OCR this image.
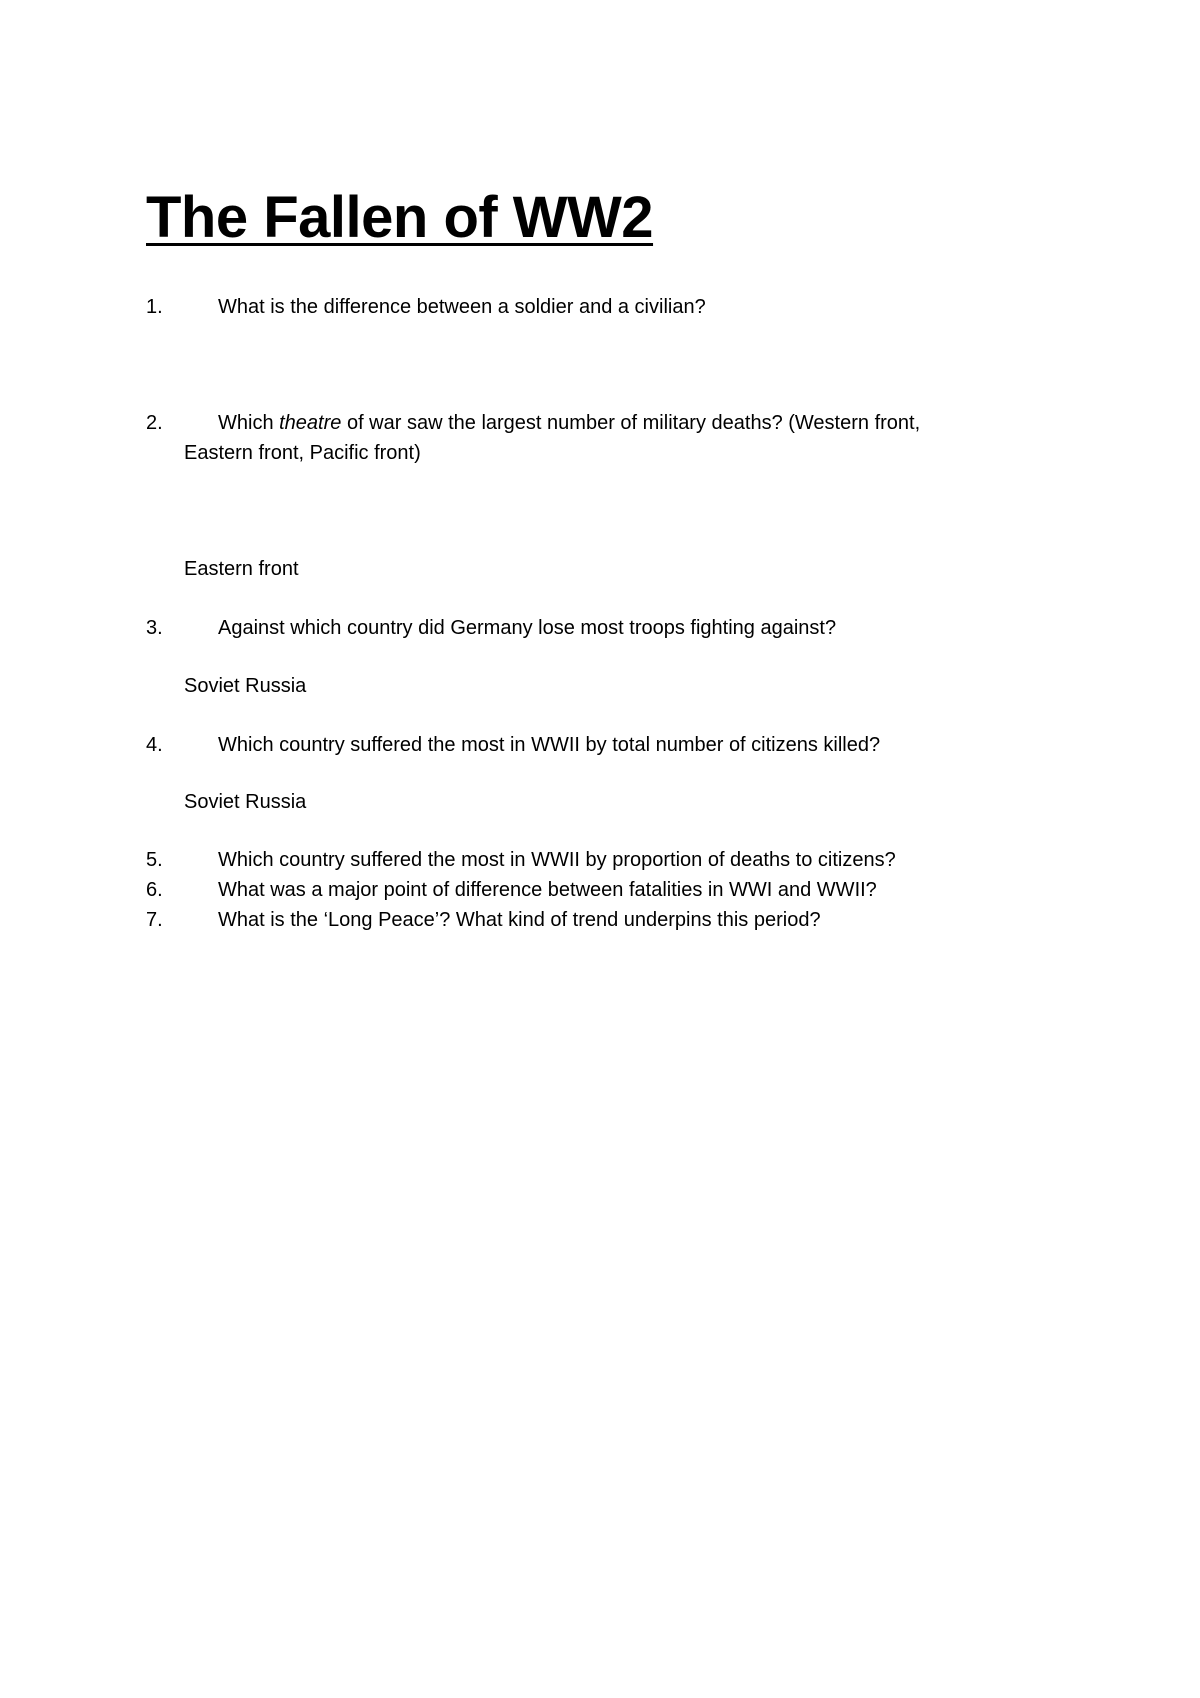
The Fallen of WW2
1.	What is the difference between a soldier and a civilian?
2.	Which theatre of war saw the largest number of military deaths? (Western front,
Eastern front, Pacific front)
Eastern front
3.	Against which country did Germany lose most troops fighting against?
Soviet Russia
4.	Which country suffered the most in WWII by total number of citizens killed?
Soviet Russia
5.	Which country suffered the most in WWII by proportion of deaths to citizens?
6.	What was a major point of difference between fatalities in WWI and WWII?
7.	What is the ‘Long Peace’? What kind of trend underpins this period?
